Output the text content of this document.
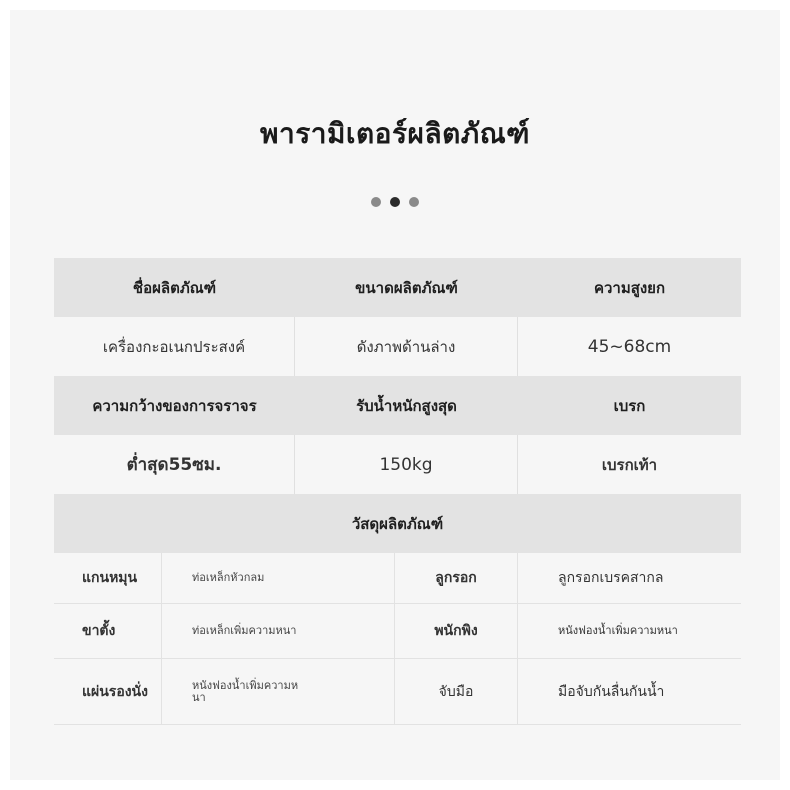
พารามิเตอร์ผลิตภัณฑ์
ชื่อผลิตภัณฑ์	ขนาดผลิตภัณฑ์	ความสูงยก
เครื่องกะอเนกประสงค์	ดังภาพด้านล่าง	45~68cm
ความกว้างของการจราจร	รับน้ำหนักสูงสุด	เบรก
ต่ำสุด55ซม.	150kg	เบรกเท้า
วัสดุผลิตภัณฑ์
แกนหมุน	ท่อเหล็กหัวกลม	ลูกรอก	ลูกรอกเบรคสากล
ขาตั้ง	ท่อเหล็กเพิ่มความหนา	พนักพิง	หนังฟองน้ำเพิ่มความหนา
แผ่นรองนั่ง	หนังฟองน้ำเพิ่มความหนา	จับมือ	มือจับกันลื่นกันน้ำ
